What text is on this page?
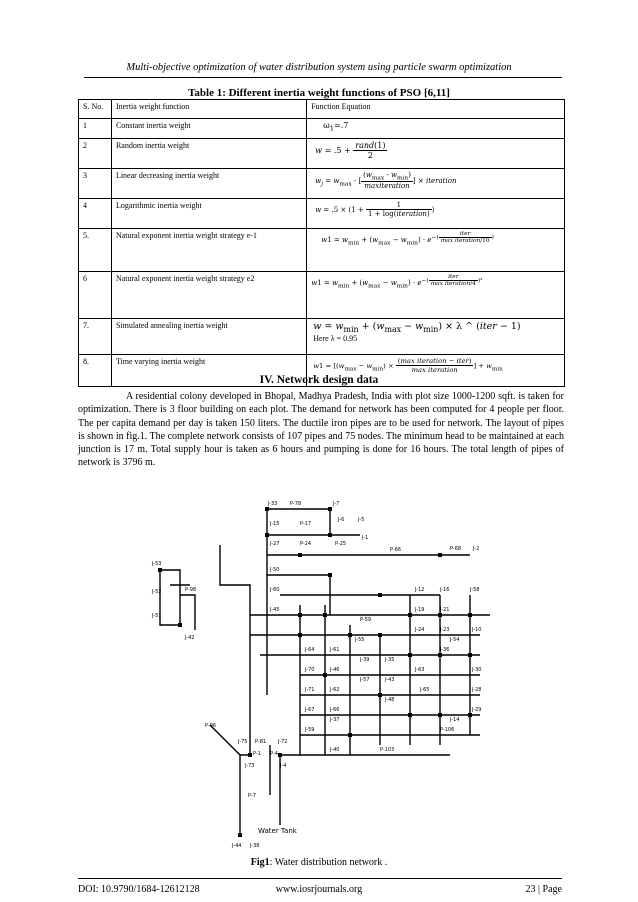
Multi-objective optimization of water distribution system using particle swarm optimization
Table 1: Different inertia weight functions of PSO [6,11]
S. No.	Inertia weight function	Function Equation
1	Constant inertia weight	$\omega_1=.7$
2	Random inertia weight	$w = .5 + \frac{\text{rand(1)}}{2}$

3	Linear decreasing inertia weight	$w_j = w_{max}$ - [ $\frac{(w_{max} - w_{min})}{\text{maxiteration}}$ ] × iteration
4	Logarithmic inertia weight	$w = .5 \times (1 + \frac{1}{\text{1 + log(iteration)}}$ )
5.	Natural exponent inertia weight strategy e-1	$w1 = w_{min} + (w_{max} - w_{min}) \cdot e^{-( \frac{\text{iter}}{\text{max iteration/10}} )}$
6	Natural exponent inertia weight strategy e2	$w1 = w_{min} + (w_{max} - w_{min}) \cdot e^{-( \frac{\text{iter}}{\text{max iteration/4}} )^2}$
7.	Simulated annealing inertia weight	$w = w_{min} + (w_{max} - w_{min}) \times \lambda$ ^ (iter − 1)
Here λ = 0.95
8.	Time varying inertia weight	$w1 = [(w_{max} - w_{min}) \times \frac{\text{(max iteration − iter)}}{\text{max iteration}}$ ] + $w_{min}$
IV. Network design data

A residential colony developed in Bhopal, Madhya Pradesh, India with plot size 1000-1200 sqft. is taken for optimization. There is 3 floor building on each plot. The demand for network has been computed for 4 people per floor. The per capita demand per day is taken 150 liters. The ductile iron pipes are to be used for network. The layout of pipes is shown in fig.1. The complete network consists of 107 pipes and 75 nodes. The minimum head to be maintained at each junction is 17 m. Total supply hour is taken as 6 hours and pumping is done for 16 hours. The total length of pipes of network is 3796 m.

J-33	P-78	J-7
J-15	P-17
J-6	J-5
J-27	P-24	P-25
J-1
P-68 J-2
J-50
J-60
P-66
J-45
J-12	J-16
J-19	J-21
J-58
J-24	J-23
J-39	J-35
J-36
J-63	J-30
J-28
J-29
J-43
J-57
J-54
J-10
J-65
J-48
J-37
J-73	J-4
J-44 J-38
J-46
J-62
J-66
J-59
J-40
J-75 P-81 J-72
P-96
P-103
J-14
P-7
P-1 P-4
J-55
J-64	J-61
J-71
J-70
J-53
J-52
J-51
J-67
P-106
P-98
P-59
J-42
Water Tank
Fig1: Water distribution network .
DOI: 10.9790/1684-12612128	www.iosrjournals.org	23 | Page
